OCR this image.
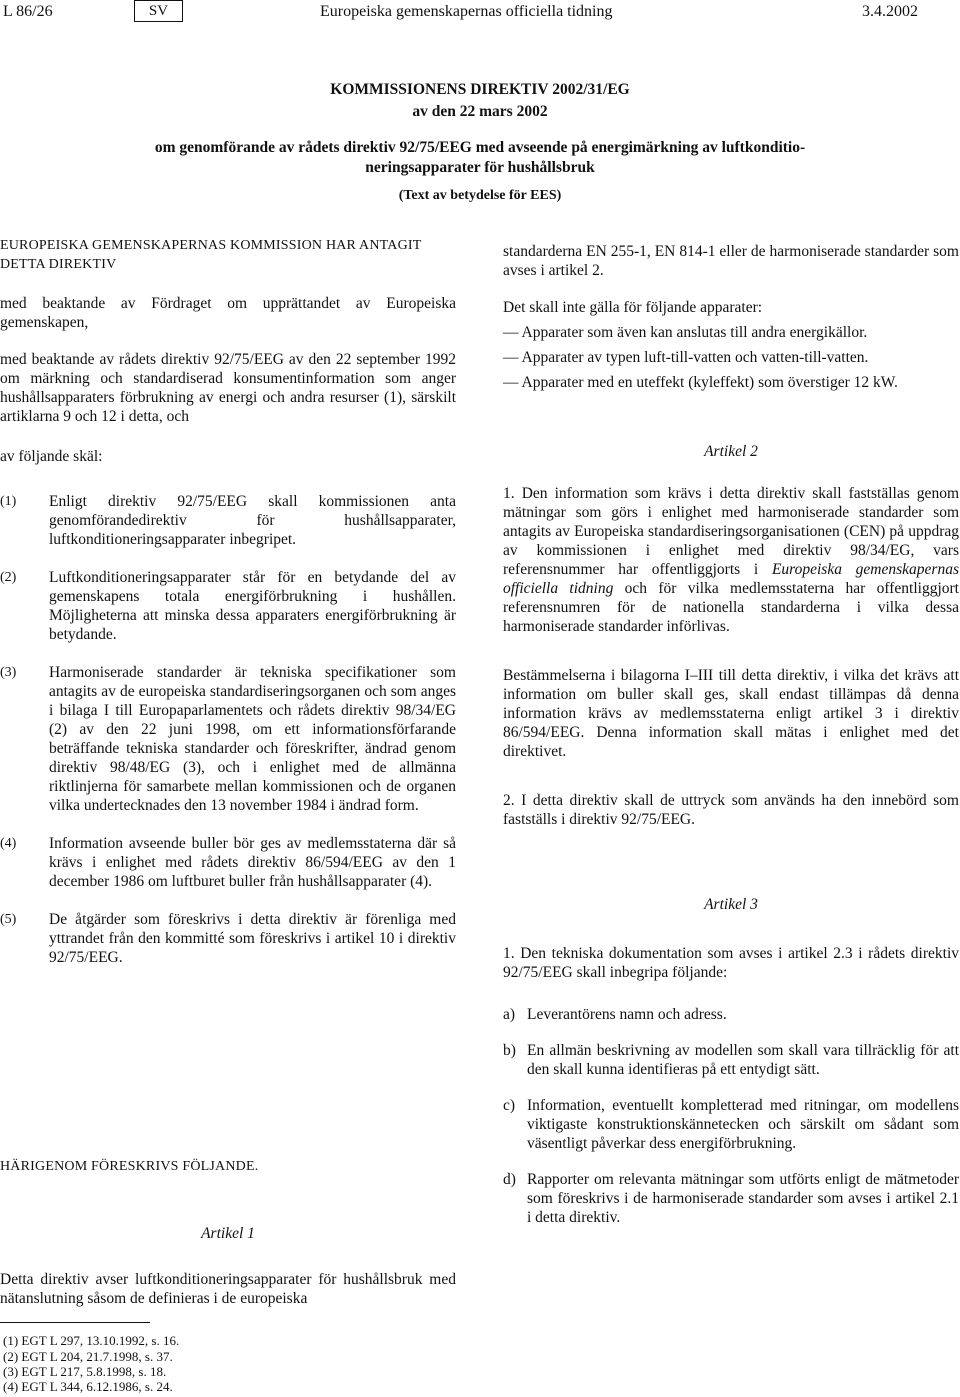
L 86/26	SV	Europeiska gemenskapernas officiella tidning	3.4.2002
KOMMISSIONENS DIREKTIV 2002/31/EG
av den 22 mars 2002
om genomförande av rådets direktiv 92/75/EEG med avseende på energimärkning av luftkonditio-
neringsapparater för hushållsbruk
(Text av betydelse för EES)
EUROPEISKA GEMENSKAPERNAS KOMMISSION HAR ANTAGIT DETTA DIREKTIV
med beaktande av Fördraget om upprättandet av Europeiska gemenskapen,
med beaktande av rådets direktiv 92/75/EEG av den 22 september 1992 om märkning och standardiserad konsumentinformation som anger hushållsapparaters förbrukning av energi och andra resurser (1), särskilt artiklarna 9 och 12 i detta, och
av följande skäl:
(1) Enligt direktiv 92/75/EEG skall kommissionen anta genomförandedirektiv för hushållsapparater, luftkonditioneringsapparater inbegripet.
(2) Luftkonditioneringsapparater står för en betydande del av gemenskapens totala energiförbrukning i hushållen. Möjligheterna att minska dessa apparaters energiförbrukning är betydande.
(3) Harmoniserade standarder är tekniska specifikationer som antagits av de europeiska standardiseringsorganen och som anges i bilaga I till Europaparlamentets och rådets direktiv 98/34/EG (2) av den 22 juni 1998, om ett informationsförfarande beträffande tekniska standarder och föreskrifter, ändrad genom direktiv 98/48/EG (3), och i enlighet med de allmänna riktlinjerna för samarbete mellan kommissionen och de organen vilka undertecknades den 13 november 1984 i ändrad form.
(4) Information avseende buller bör ges av medlemsstaterna där så krävs i enlighet med rådets direktiv 86/594/EEG av den 1 december 1986 om luftburet buller från hushållsapparater (4).
(5) De åtgärder som föreskrivs i detta direktiv är förenliga med yttrandet från den kommitté som föreskrivs i artikel 10 i direktiv 92/75/EEG.
HÄRIGENOM FÖRESKRIVS FÖLJANDE.
Artikel 1
Detta direktiv avser luftkonditioneringsapparater för hushållsbruk med nätanslutning såsom de definieras i de europeiska
(1) EGT L 297, 13.10.1992, s. 16.
(2) EGT L 204, 21.7.1998, s. 37.
(3) EGT L 217, 5.8.1998, s. 18.
(4) EGT L 344, 6.12.1986, s. 24.
standarderna EN 255-1, EN 814-1 eller de harmoniserade standarder som avses i artikel 2.
Det skall inte gälla för följande apparater:
— Apparater som även kan anslutas till andra energikällor.
— Apparater av typen luft-till-vatten och vatten-till-vatten.
— Apparater med en uteffekt (kyleffekt) som överstiger 12 kW.
Artikel 2
1. Den information som krävs i detta direktiv skall fastställas genom mätningar som görs i enlighet med harmoniserade standarder som antagits av Europeiska standardiseringsorganisationen (CEN) på uppdrag av kommissionen i enlighet med direktiv 98/34/EG, vars referensnummer har offentliggjorts i Europeiska gemenskapernas officiella tidning och för vilka medlemsstaterna har offentliggjort referensnumren för de nationella standarderna i vilka dessa harmoniserade standarder införlivas.
Bestämmelserna i bilagorna I–III till detta direktiv, i vilka det krävs att information om buller skall ges, skall endast tillämpas då denna information krävs av medlemsstaterna enligt artikel 3 i direktiv 86/594/EEG. Denna information skall mätas i enlighet med det direktivet.
2. I detta direktiv skall de uttryck som används ha den innebörd som fastställs i direktiv 92/75/EEG.
Artikel 3
1. Den tekniska dokumentation som avses i artikel 2.3 i rådets direktiv 92/75/EEG skall inbegripa följande:
a) Leverantörens namn och adress.
b) En allmän beskrivning av modellen som skall vara tillräcklig för att den skall kunna identifieras på ett entydigt sätt.
c) Information, eventuellt kompletterad med ritningar, om modellens viktigaste konstruktionskännetecken och särskilt om sådant som väsentligt påverkar dess energiförbrukning.
d) Rapporter om relevanta mätningar som utförts enligt de mätmetoder som föreskrivs i de harmoniserade standarder som avses i artikel 2.1 i detta direktiv.
